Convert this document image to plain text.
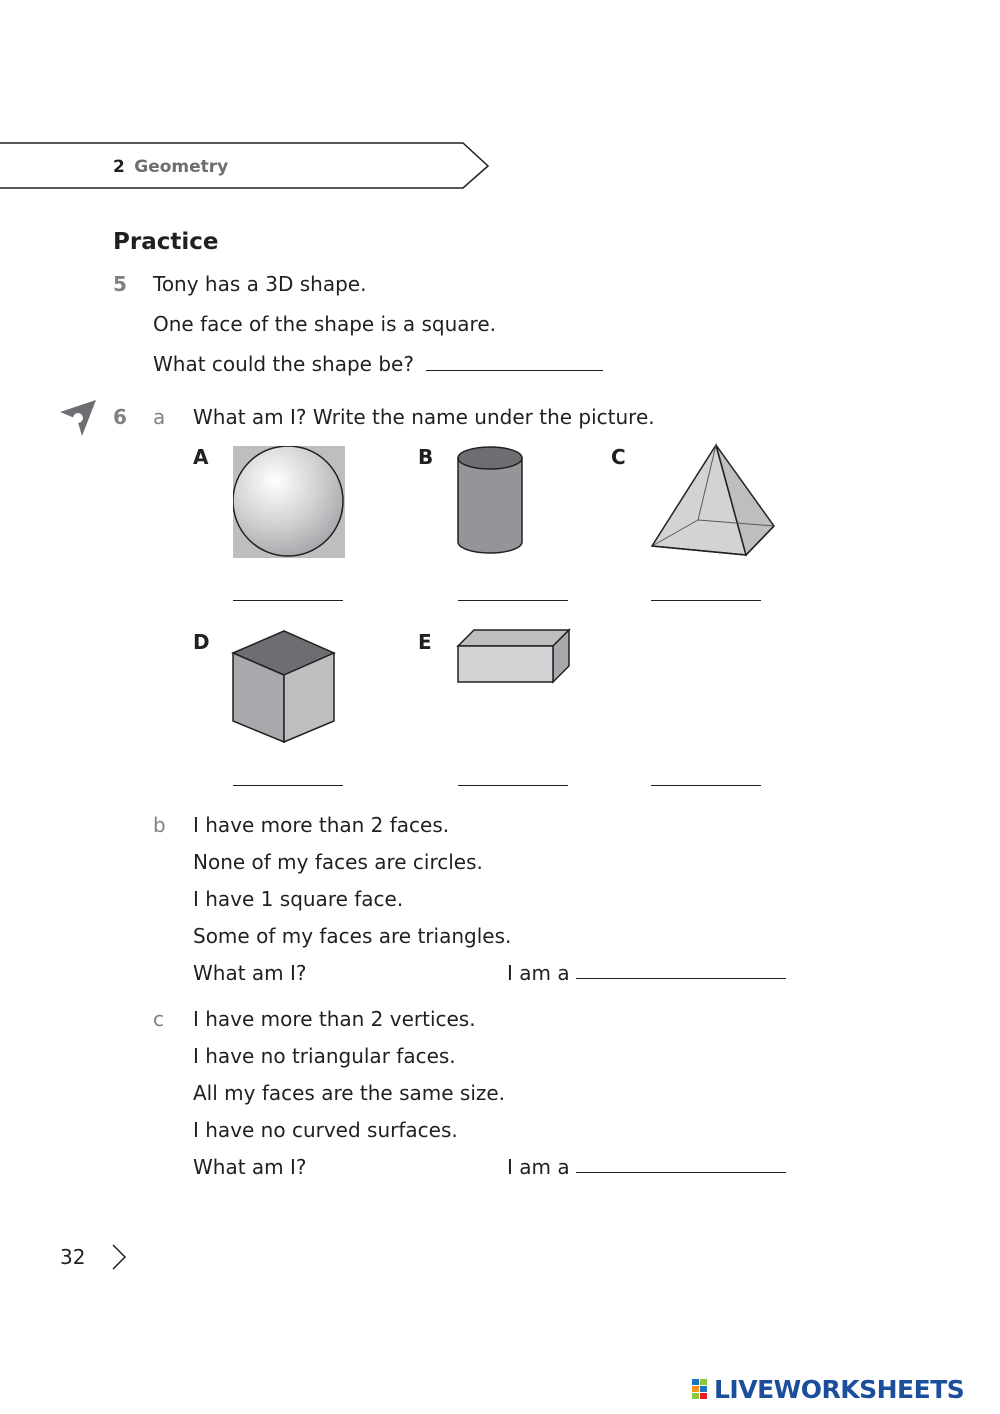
2 Geometry
Practice
5 Tony has a 3D shape.
One face of the shape is a square.
What could the shape be?
6 a What am I? Write the name under the picture.
A	B	C
D	E
b I have more than 2 faces.
None of my faces are circles.
I have 1 square face.
Some of my faces are triangles.
What am I?	I am a
c I have more than 2 vertices.
I have no triangular faces.
All my faces are the same size.
I have no curved surfaces.
What am I?	I am a
32
LIVEWORKSHEETS
